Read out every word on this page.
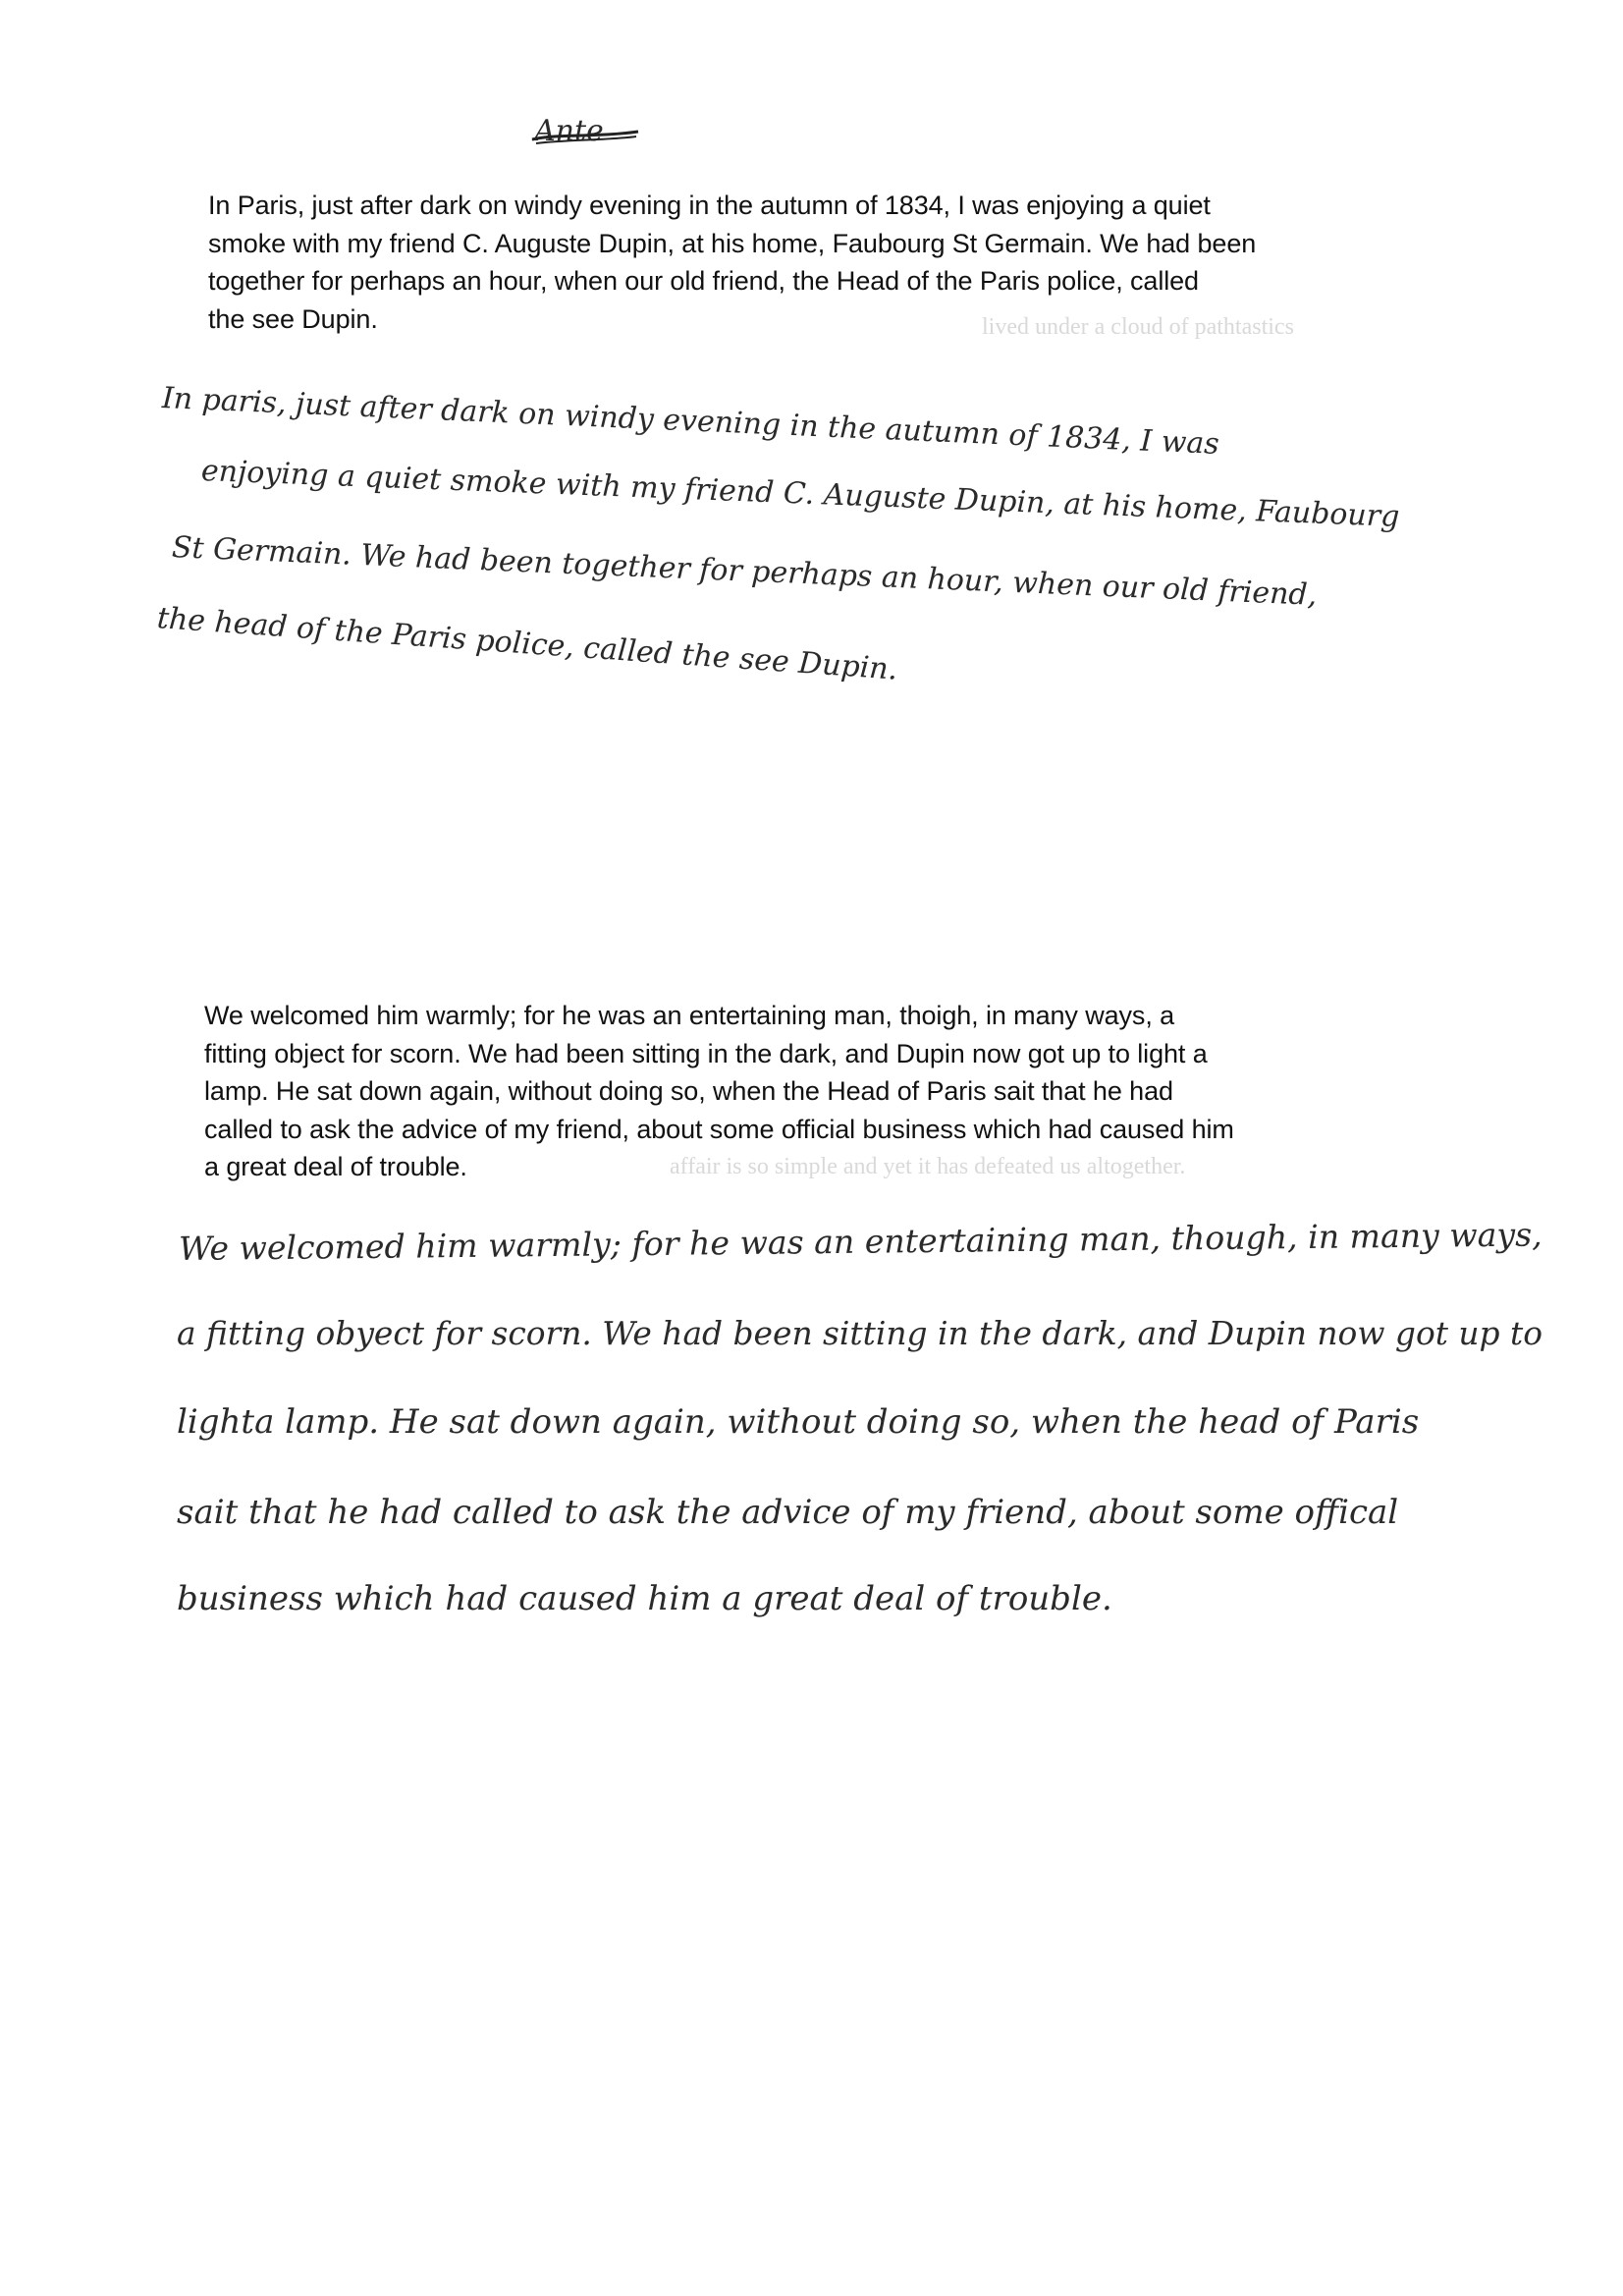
Ante
lived under a cloud of pathtastics
affair is so simple and yet it has defeated us altogether.
In Paris, just after dark on windy evening in the autumn of 1834, I was enjoying a quiet
smoke with my friend C. Auguste Dupin, at his home, Faubourg St Germain. We had been
together for perhaps an hour, when our old friend, the Head of the Paris police, called
the see Dupin.
In paris, just after dark on windy evening in the autumn of 1834, I was
enjoying a quiet smoke with my friend C. Auguste Dupin, at his home, Faubourg
St Germain. We had been together for perhaps an hour, when our old friend,
the head of the Paris police, called the see Dupin.
We welcomed him warmly; for he was an entertaining man, thoigh, in many ways, a
fitting object for scorn. We had been sitting in the dark, and Dupin now got up to light a
lamp. He sat down again, without doing so, when the Head of Paris sait that he had
called to ask the advice of my friend, about some official business which had caused him
a great deal of trouble.
We welcomed him warmly; for he was an entertaining man, though, in many ways,
a fitting obyect for scorn. We had been sitting in the dark, and Dupin now got up to
lighta lamp. He sat down again, without doing so, when the head of Paris
sait that he had called to ask the advice of my friend, about some offical
business which had caused him a great deal of trouble.
